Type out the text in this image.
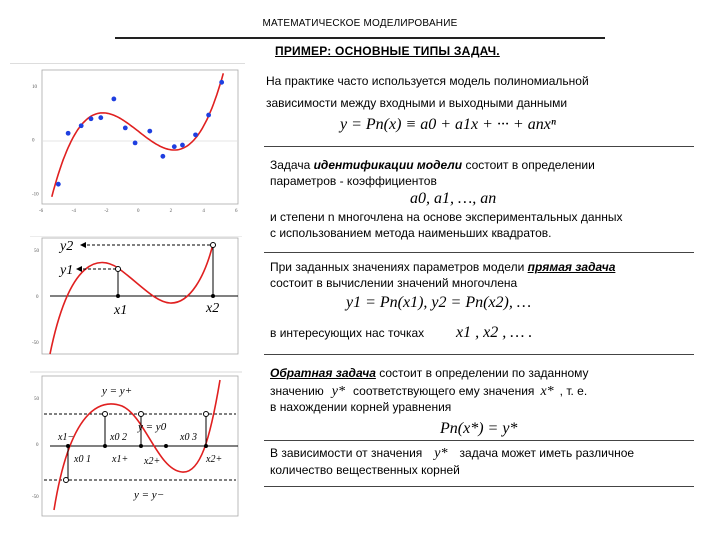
МАТЕМАТИЧЕСКОЕ МОДЕЛИРОВАНИЕ
ПРИМЕР: ОСНОВНЫЕ ТИПЫ ЗАДАЧ.
10
0
-10
-6	-4	-2	0	2	4	6
50
0
-50
y2
y1
x1	x2
50
0
-50
y = y+
y = y0
y = y−
x1−	x0 2	x0 3
x0 1 x1+ x2+	x2+
На практике часто используется модель полиномиальной
зависимости между входными и выходными данными
y = Pn(x) ≡ a0 + a1x + ··· + anxⁿ
Задача идентификации модели состоит в определении
параметров - коэффициентов
a0, a1, …, an
и степени n многочлена на основе экспериментальных данных
с использованием метода наименьших квадратов.
При заданных значениях параметров модели прямая задача
состоит в вычислении значений многочлена
y1 = Pn(x1), y2 = Pn(x2), …
в интересующих нас точках x1 , x2 , … .
Обратная задача состоит в определении по заданному
значению y* соответствующего ему значения x* , т. е.
в нахождении корней уравнения
Pn(x*) = y*
В зависимости от значения y* задача может иметь различное
количество вещественных корней
